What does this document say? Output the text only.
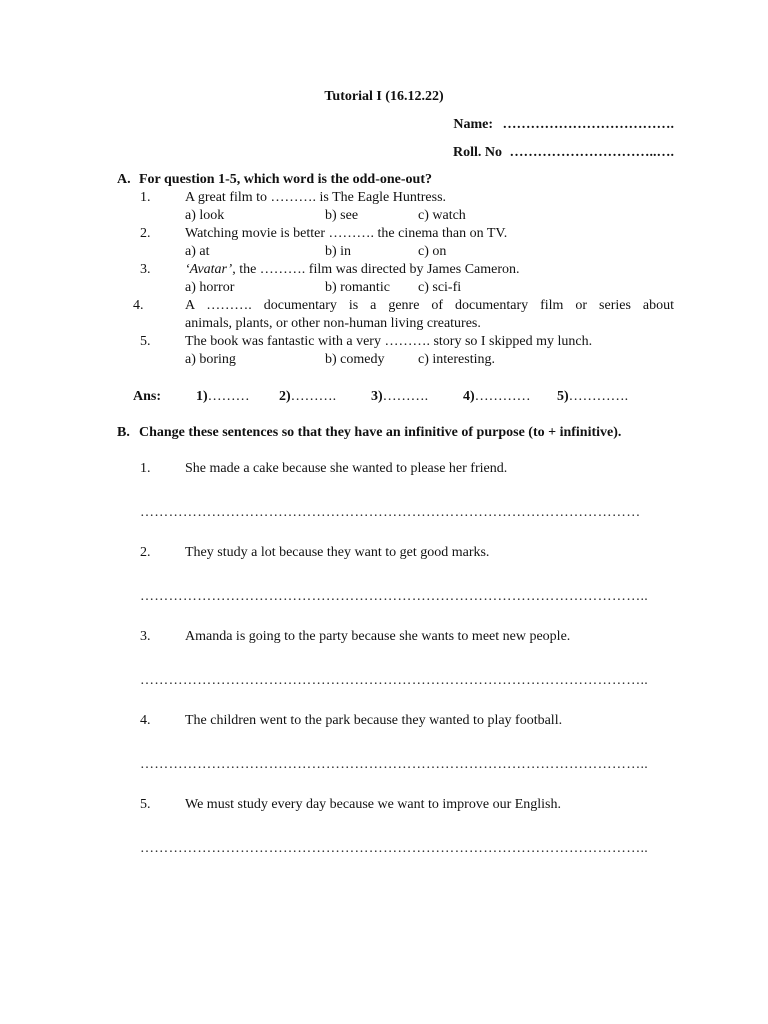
Tutorial I (16.12.22)
Name: ……………………………….
Roll. No …………………………..….
A. For question 1-5, which word is the odd-one-out?
1. A great film to ………. is The Eagle Huntress.
a) look	b) see	c) watch
2. Watching movie is better ………. the cinema than on TV.
a) at	b) in	c) on
3. ‘Avatar’, the ………. film was directed by James Cameron.
a) horror	b) romantic c) sci-fi
4.	A ………. documentary is a genre of documentary film or series about
animals, plants, or other non-human living creatures.
5. The book was fantastic with a very ………. story so I skipped my lunch.
a) boring	b) comedy c) interesting.
Ans: 1)……… 2)………. 3)………. 4)………… 5)………….
B. Change these sentences so that they have an infinitive of purpose (to + infinitive).
1. She made a cake because she wanted to please her friend.
……………………………………………………………………………………………
2. They study a lot because they want to get good marks.
……………………………………………………………………………………………..
3. Amanda is going to the party because she wants to meet new people.
……………………………………………………………………………………………..
4. The children went to the park because they wanted to play football.
……………………………………………………………………………………………..
5. We must study every day because we want to improve our English.
……………………………………………………………………………………………..
